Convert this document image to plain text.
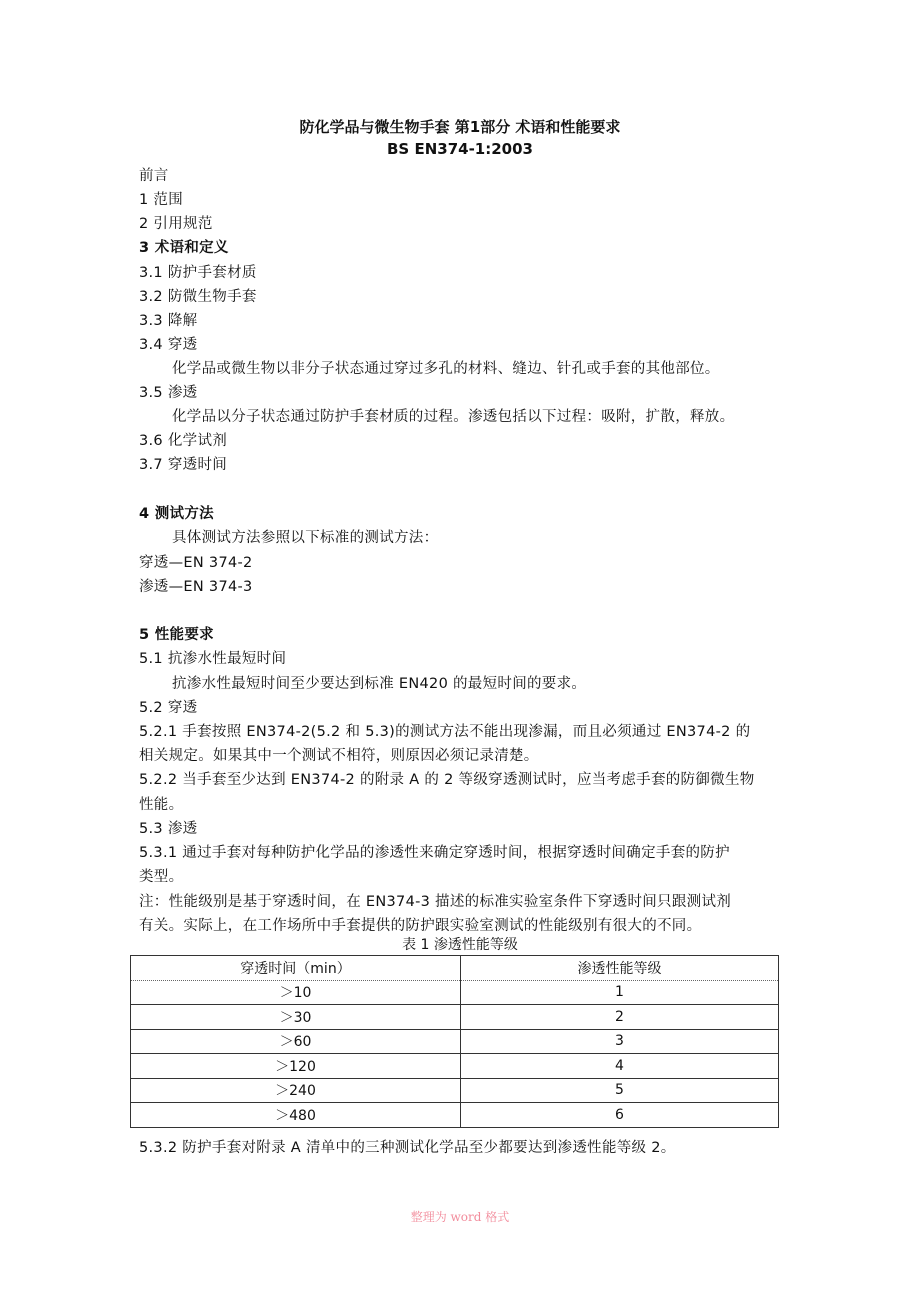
防化学品与微生物手套 第1部分 术语和性能要求
BS EN374-1:2003
前言
1 范围
2 引用规范
3 术语和定义
3.1 防护手套材质
3.2 防微生物手套
3.3 降解
3.4 穿透
化学品或微生物以非分子状态通过穿过多孔的材料、缝边、针孔或手套的其他部位。
3.5 渗透
化学品以分子状态通过防护手套材质的过程。渗透包括以下过程：吸附，扩散，释放。
3.6 化学试剂
3.7 穿透时间
4 测试方法
具体测试方法参照以下标准的测试方法：
穿透—EN 374-2
渗透—EN 374-3
5 性能要求
5.1 抗渗水性最短时间
抗渗水性最短时间至少要达到标准 EN420 的最短时间的要求。
5.2 穿透
5.2.1 手套按照 EN374-2(5.2 和 5.3)的测试方法不能出现渗漏，而且必须通过 EN374-2 的
相关规定。如果其中一个测试不相符，则原因必须记录清楚。
5.2.2 当手套至少达到 EN374-2 的附录 A 的 2 等级穿透测试时，应当考虑手套的防御微生物
性能。
5.3 渗透
5.3.1 通过手套对每种防护化学品的渗透性来确定穿透时间，根据穿透时间确定手套的防护
类型。
注：性能级别是基于穿透时间，在 EN374-3 描述的标准实验室条件下穿透时间只跟测试剂
有关。实际上，在工作场所中手套提供的防护跟实验室测试的性能级别有很大的不同。
表 1 渗透性能等级
穿透时间（min）	渗透性能等级
＞10	1
＞30	2
＞60	3
＞120	4
＞240	5
＞480	6
5.3.2 防护手套对附录 A 清单中的三种测试化学品至少都要达到渗透性能等级 2。
整理为 word 格式
